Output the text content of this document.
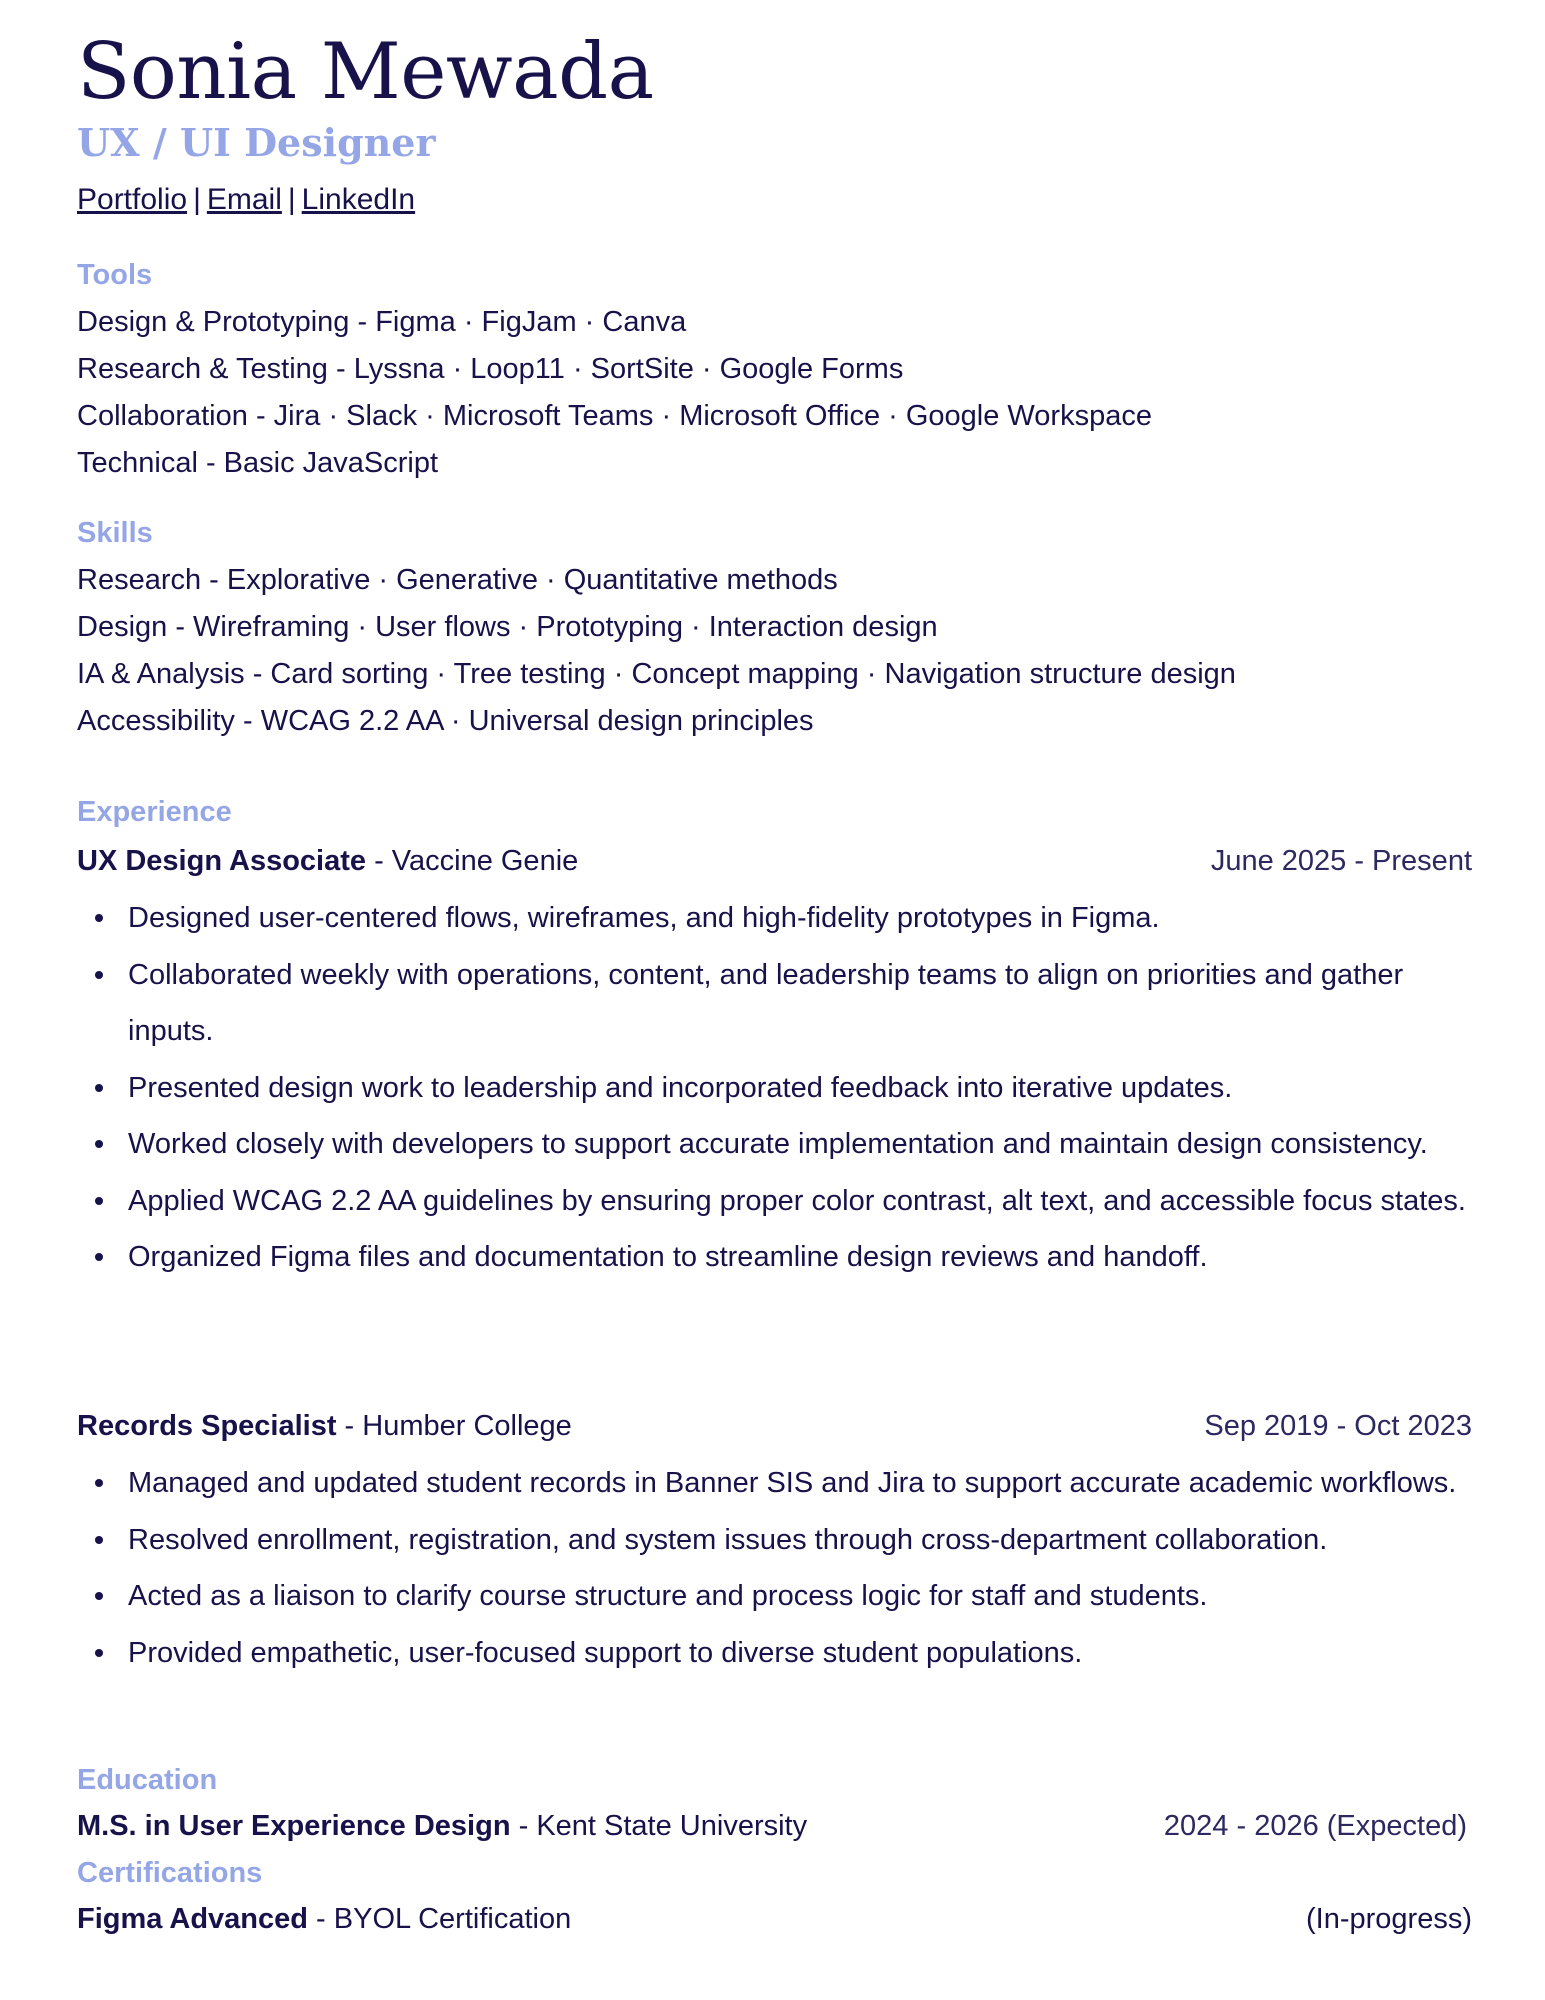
Sonia Mewada
UX / UI Designer
Portfolio | Email | LinkedIn
Tools
Design & Prototyping - Figma · FigJam · Canva
Research & Testing - Lyssna · Loop11 · SortSite · Google Forms
Collaboration - Jira · Slack · Microsoft Teams · Microsoft Office · Google Workspace
Technical - Basic JavaScript
Skills
Research - Explorative · Generative · Quantitative methods
Design - Wireframing · User flows · Prototyping · Interaction design
IA & Analysis - Card sorting · Tree testing · Concept mapping · Navigation structure design
Accessibility - WCAG 2.2 AA · Universal design principles
Experience
UX Design Associate - Vaccine Genie	June 2025 - Present
Designed user-centered flows, wireframes, and high-fidelity prototypes in Figma.
Collaborated weekly with operations, content, and leadership teams to align on priorities and gather inputs.
Presented design work to leadership and incorporated feedback into iterative updates.
Worked closely with developers to support accurate implementation and maintain design consistency.
Applied WCAG 2.2 AA guidelines by ensuring proper color contrast, alt text, and accessible focus states.
Organized Figma files and documentation to streamline design reviews and handoff.
Records Specialist - Humber College	Sep 2019 - Oct 2023
Managed and updated student records in Banner SIS and Jira to support accurate academic workflows.
Resolved enrollment, registration, and system issues through cross-department collaboration.
Acted as a liaison to clarify course structure and process logic for staff and students.
Provided empathetic, user-focused support to diverse student populations.
Education
M.S. in User Experience Design - Kent State University	2024 - 2026 (Expected)
Certifications
Figma Advanced - BYOL Certification	(In-progress)
